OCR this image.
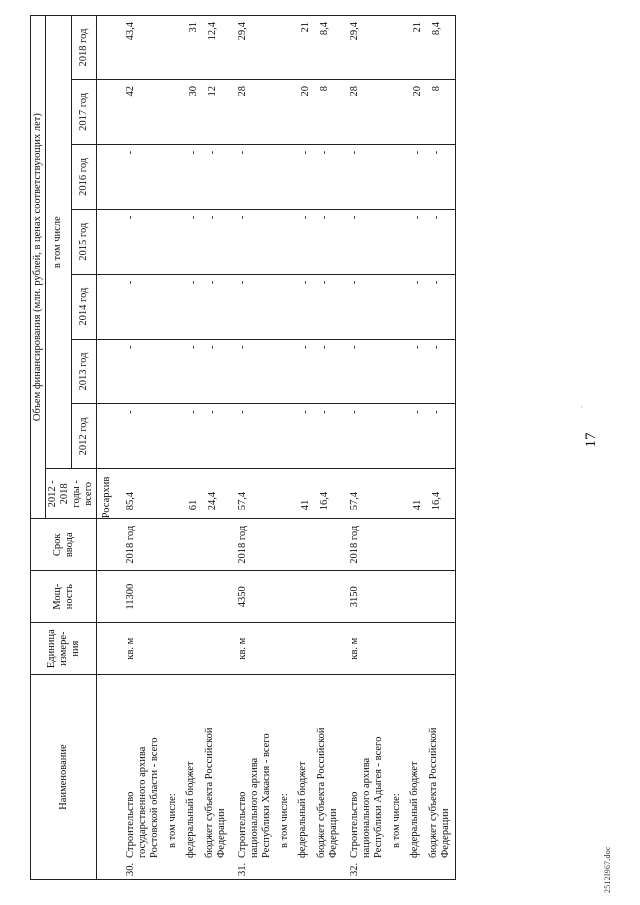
17
.
Наименование	Единица измере-ния	Мощ-ность	Срок ввода	Объем финансирования (млн. рублей, в ценах соответствующих лет)							
				2012 - 2018 годы - всего	в том числе						
					2012 год	2013 год	2014 год	2015 год	2016 год	2017 год	2018 год
				Росархив							
30.Строительство государственного архива Ростовской области - всего	кв. м	11300	2018 год	85,4	-	-	-	-	-	42	43,4
в том числе:											
федеральный бюджет				61	-	-	-	-	-	30	31
бюджет субъекта Российской Федерации				24,4	-	-	-	-	-	12	12,4
31.Строительство национального архива Республики Хакасия - всего	кв. м	4350	2018 год	57,4	-	-	-	-	-	28	29,4
в том числе:											
федеральный бюджет				41	-	-	-	-	-	20	21
бюджет субъекта Российской Федерации				16,4	-	-	-	-	-	8	8,4
32.Строительство национального архива Республики Адыгея - всего	кв. м	3150	2018 год	57,4	-	-	-	-	-	28	29,4
в том числе:											
федеральный бюджет				41	-	-	-	-	-	20	21
бюджет субъекта Российской Федерации				16,4	-	-	-	-	-	8	8,4
2512I967.doc
